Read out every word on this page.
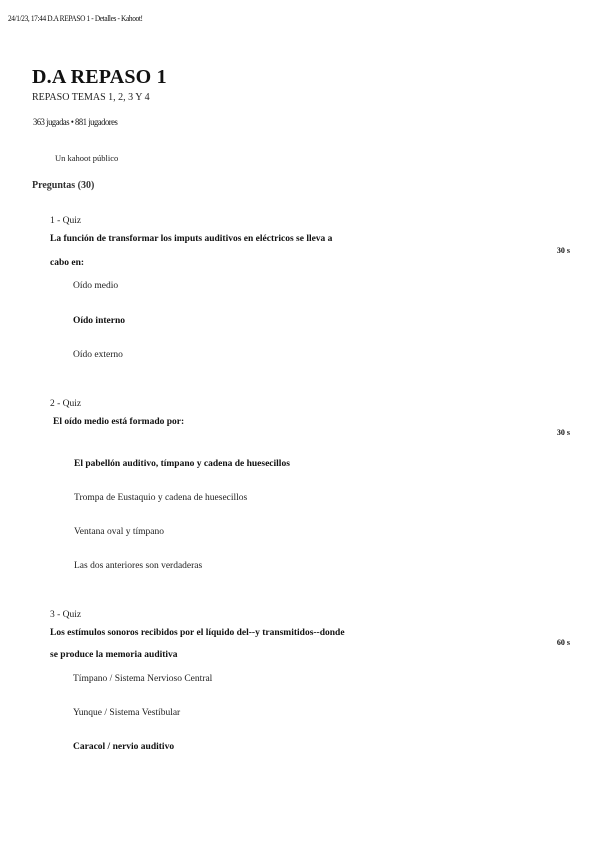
24/1/23, 17:44 D.A REPASO 1 - Detalles - Kahoot!
D.A REPASO 1
REPASO TEMAS 1, 2, 3 Y 4
363 jugadas • 881 jugadores
Un kahoot público
Preguntas (30)
1 - Quiz
La función de transformar los imputs auditivos en eléctricos se lleva a
cabo en:
30 s
Oído medio
Oído interno
Oído externo
2 - Quiz
El oído medio está formado por:
30 s
El pabellón auditivo, tímpano y cadena de huesecillos
Trompa de Eustaquio y cadena de huesecillos
Ventana oval y tímpano
Las dos anteriores son verdaderas
3 - Quiz
Los estímulos sonoros recibidos por el líquido del--y transmitidos--donde
se produce la memoria auditiva
60 s
Tímpano / Sistema Nervioso Central
Yunque / Sistema Vestíbular
Caracol / nervio auditivo
